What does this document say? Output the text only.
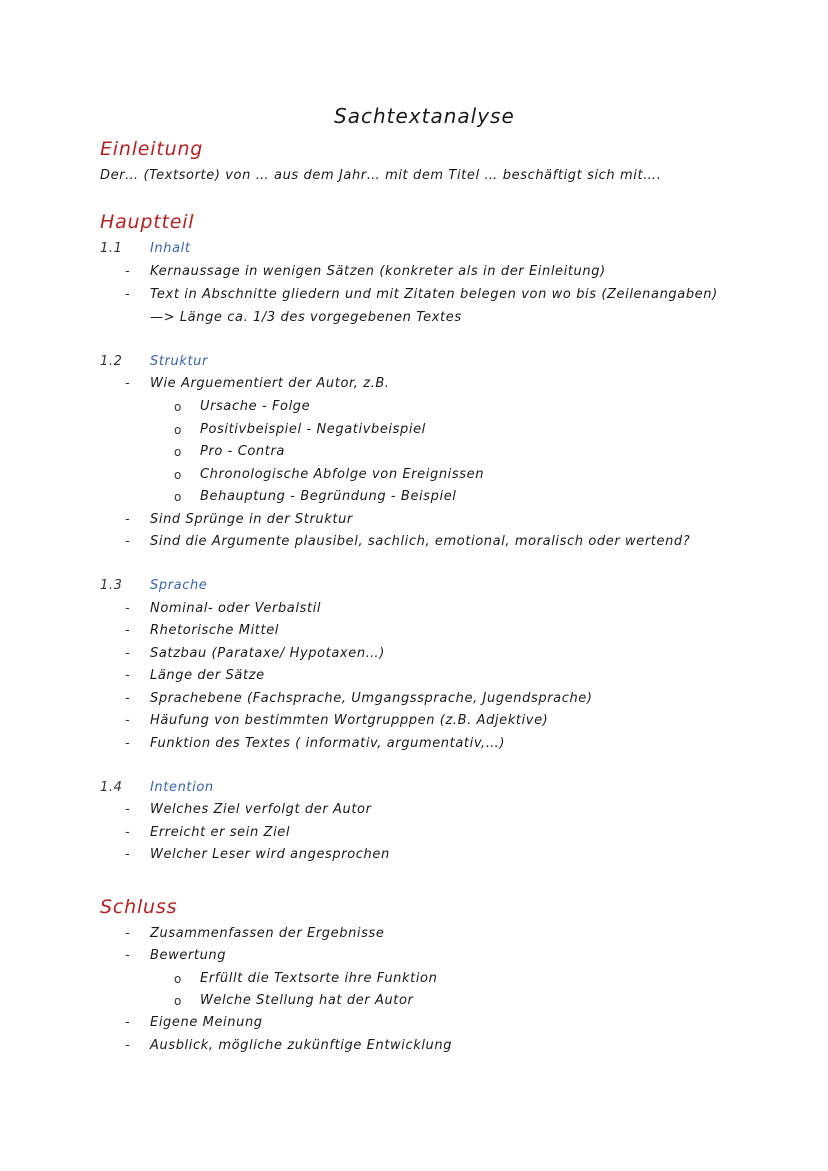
Sachtextanalyse
Einleitung
Der… (Textsorte) von … aus dem Jahr… mit dem Titel … beschäftigt sich mit….
Hauptteil
1.1 Inhalt
- Kernaussage in wenigen Sätzen (konkreter als in der Einleitung)
- Text in Abschnitte gliedern und mit Zitaten belegen von wo bis (Zeilenangaben)
—> Länge ca. 1/3 des vorgegebenen Textes
1.2 Struktur
- Wie Arguementiert der Autor, z.B.
o Ursache - Folge
o Positivbeispiel - Negativbeispiel
o Pro - Contra
o Chronologische Abfolge von Ereignissen
o Behauptung - Begründung - Beispiel
- Sind Sprünge in der Struktur
- Sind die Argumente plausibel, sachlich, emotional, moralisch oder wertend?
1.3 Sprache
- Nominal- oder Verbalstil
- Rhetorische Mittel
- Satzbau (Parataxe/ Hypotaxen…)
- Länge der Sätze
- Sprachebene (Fachsprache, Umgangssprache, Jugendsprache)
- Häufung von bestimmten Wortgrupppen (z.B. Adjektive)
- Funktion des Textes ( informativ, argumentativ,…)
1.4 Intention
- Welches Ziel verfolgt der Autor
- Erreicht er sein Ziel
- Welcher Leser wird angesprochen
Schluss
- Zusammenfassen der Ergebnisse
- Bewertung
o Erfüllt die Textsorte ihre Funktion
o Welche Stellung hat der Autor
- Eigene Meinung
- Ausblick, mögliche zukünftige Entwicklung
